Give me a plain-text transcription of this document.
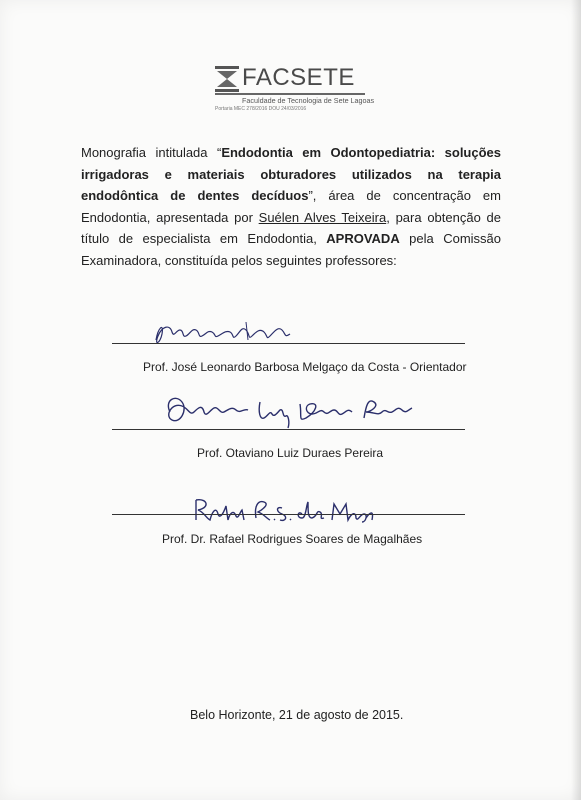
FACSETE
Faculdade de Tecnologia de Sete Lagoas
Portaria MEC 278/2016 DOU 24/03/2016
Monografia intitulada “Endodontia em Odontopediatria: soluções irrigadoras e materiais obturadores utilizados na terapia endodôntica de dentes decíduos”, área de concentração em Endodontia, apresentada por Suélen Alves Teixeira, para obtenção de título de especialista em Endodontia, APROVADA pela Comissão Examinadora, constituída pelos seguintes professores:
Prof. José Leonardo Barbosa Melgaço da Costa - Orientador
Prof. Otaviano Luiz Duraes Pereira
Prof. Dr. Rafael Rodrigues Soares de Magalhães
Belo Horizonte, 21 de agosto de 2015.
